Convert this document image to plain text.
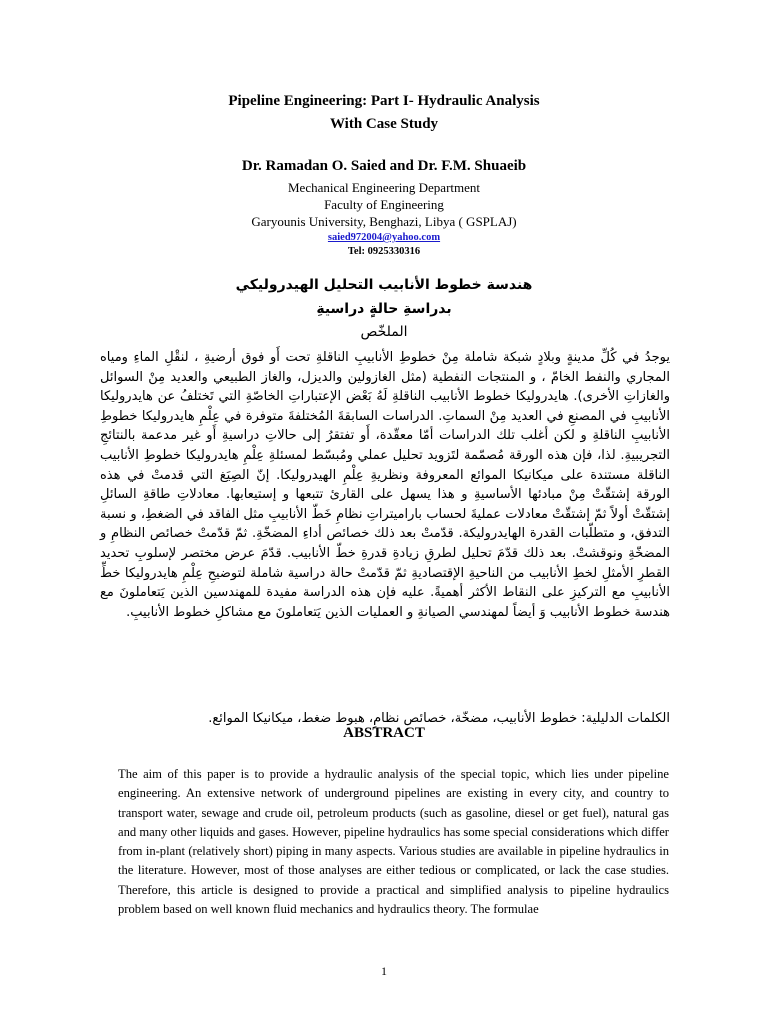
Pipeline Engineering: Part I- Hydraulic Analysis
With Case Study
Dr. Ramadan O. Saied and Dr. F.M. Shuaeib
Mechanical Engineering Department
Faculty of Engineering
Garyounis University, Benghazi, Libya ( GSPLAJ)
saied972004@yahoo.com
Tel: 0925330316
هندسة خطوط الأنابيب التحليل الهيدروليكي
بدراسةِ حالةٍ دراسيةِ
الملخّص

يوجدُ في كُلِّ مدينةٍ وبلادٍ شبكة شاملة مِنْ خطوطِ الأنابيبِ الناقلةِ تحت أَو فوق أرضيةِ ، لنقْلِ الماءِ ومياه المجاري والنفط الخامّ ، و المنتجات النفطية (مثل الغازولين والديزل، والغاز الطبيعي والعديد مِنْ السوائل والغازاتِ الأخرى). هايدروليكا خطوط الأنابيب الناقلةِ لَهُ بَعْض الإعتباراتِ الخاصّةِ التي تَختلفُ عن هايدروليكا الأنابيبِ في المصنعِ في العديد مِنْ السماتِ. الدراسات السابقةَ المُختلفةَ متوفرة في عِلْمِ هايدروليكا خطوطِ الأنابيبِ الناقلةِ و لكن أغلب تلك الدراسات أمّا معقّدة، أَو تفتقرُ إلى حالاتِ دراسيةِ أَو غير مدعمة بالنتائجِ التجريبيةِ. لذا، فإن هذه الورقة مُصمّمة لتَزويد تحليل عملي ومُبسّط لمسئلةِ عِلْمِ هايدروليكا خطوطِ الأنابيب الناقلة مستندة على ميكانيكا الموائع المعروفة ونظريةِ عِلْمِ الهيدروليكا. إنّ الصِيَغ التي قدمتْ في هذه الورقة إشتقّتْ مِنْ مبادئها الأساسيةِ و هذا يسهل على القارئ تتبعها و إستيعابها. معادلاتِ طاقةِ السائلِ إشتقّتْ أولاً ثمّ إشتقّتْ معادلات عمليةَ لحساب باراميتراتِ نظامِ خَطّ الأنابيبِ مثل الفاقد في الضغطِ، و نسبة التدفق، و متطلّبات القدرة الهايدروليكة. قدّمتْ بعد ذلك خصائص أداءِ المضخّةِ. ثمّ قدّمتْ خصائص النظامِ و المضخّةِ ونوقشتْ. بعد ذلك قدّمَ تحليل لطرقِ زيادةِ قدرةِ خطّ الأنابيب. قدّمَ عرض مختصر لإسلوبِ تحديد القطرِ الأمثلِ لخطِ الأنابيب من الناحيةِ الإقتصاديةِ ثمّ قدّمتْ حالة دراسية شاملة لتوضيحِ عِلْمِ هايدروليكا خطِّ الأنابيبِ مع التركيزِ على النقاط الأكثر أهميةً. عليه فإن هذه الدراسة مفيدة للمهندسين الذين يَتعاملونَ مع هندسة خطوط الأنابيب وَ أيضاً لمهندسي الصيانةِ و العمليات الذين يَتعاملونَ مع مشاكلِ خطوط الأنابيبِ.

الكلمات الدليلية: خطوط الأنابيب، مضخّة، خصائص نظامِ، هبوط ضغط، ميكانيكا الموائع.
ABSTRACT

The aim of this paper is to provide a hydraulic analysis of the special topic, which lies under pipeline engineering. An extensive network of underground pipelines are existing in every city, and country to transport water, sewage and crude oil, petroleum products (such as gasoline, diesel or get fuel), natural gas and many other liquids and gases. However, pipeline hydraulics has some special considerations which differ from in-plant (relatively short) piping in many aspects. Various studies are available in pipeline hydraulics in the literature. However, most of those analyses are either tedious or complicated, or lack the case studies. Therefore, this article is designed to provide a practical and simplified analysis to pipeline hydraulics problem based on well known fluid mechanics and hydraulics theory. The formulae

1
